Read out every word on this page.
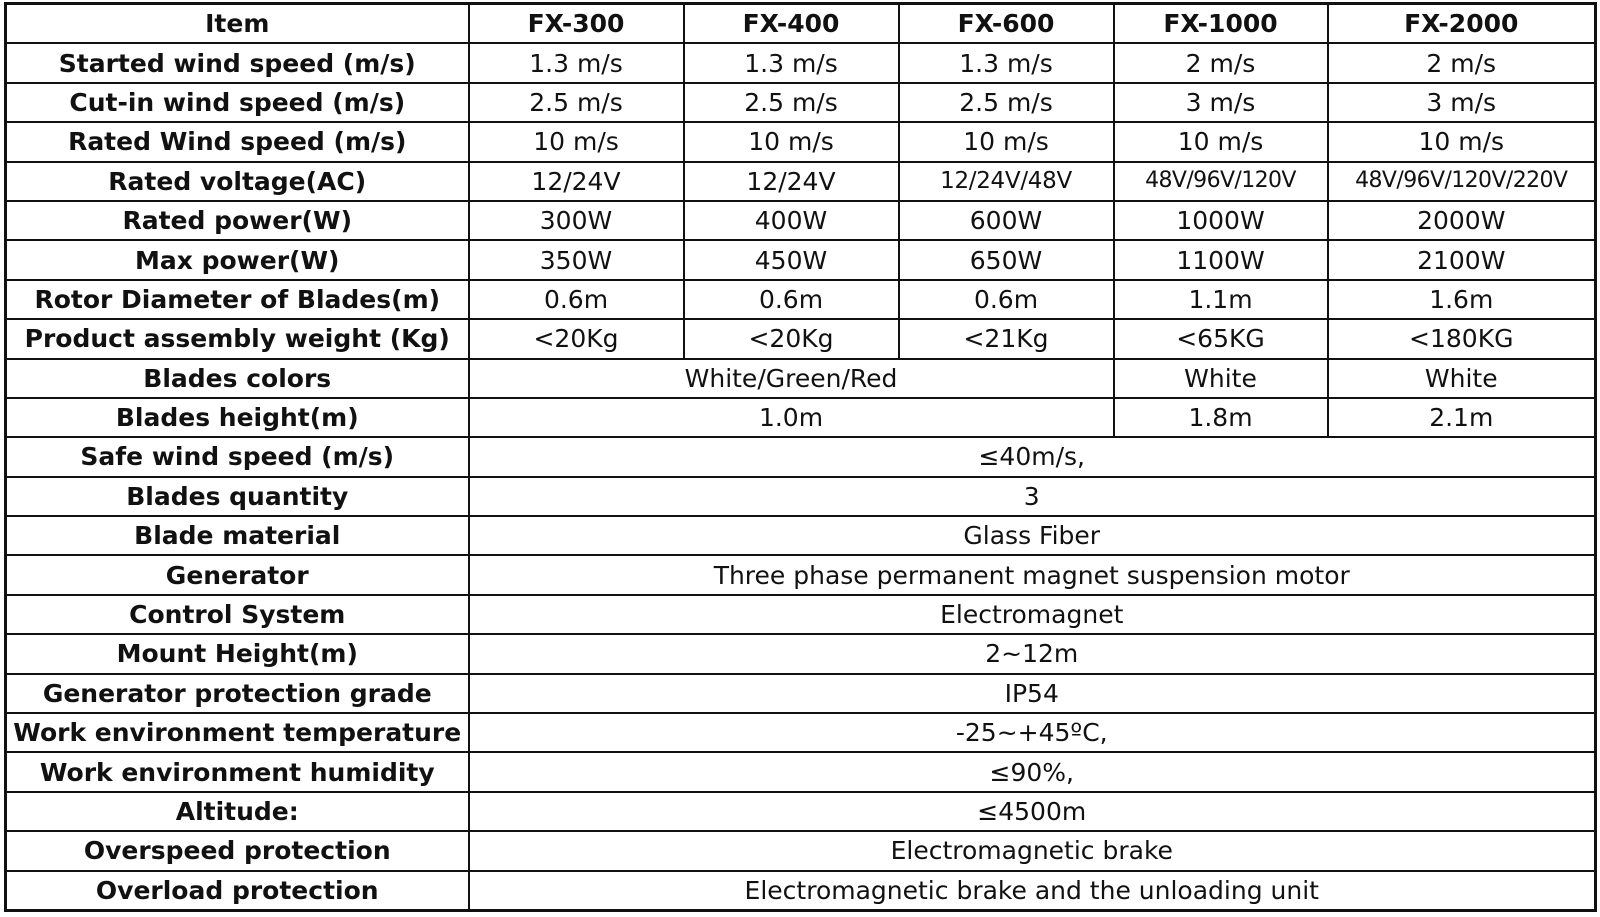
Item	FX-300	FX-400	FX-600	FX-1000	FX-2000
Started wind speed (m/s)	1.3 m/s	1.3 m/s	1.3 m/s	2 m/s	2 m/s
Cut-in wind speed (m/s)	2.5 m/s	2.5 m/s	2.5 m/s	3 m/s	3 m/s
Rated Wind speed (m/s)	10 m/s	10 m/s	10 m/s	10 m/s	10 m/s
Rated voltage(AC)	12/24V	12/24V	12/24V/48V	48V/96V/120V	48V/96V/120V/220V
Rated power(W)	300W	400W	600W	1000W	2000W
Max power(W)	350W	450W	650W	1100W	2100W
Rotor Diameter of Blades(m)	0.6m	0.6m	0.6m	1.1m	1.6m
Product assembly weight (Kg)	<20Kg	<20Kg	<21Kg	<65KG	<180KG
Blades colors	White/Green/Red			White	White
Blades height(m)	1.0m			1.8m	2.1m
Safe wind speed (m/s)	≤40m/s,				
Blades quantity	3				
Blade material	Glass Fiber				
Generator	Three phase permanent magnet suspension motor				
Control System	Electromagnet				
Mount Height(m)	2~12m				
Generator protection grade	IP54				
Work environment temperature	-25~+45ºC,				
Work environment humidity	≤90%,				
Altitude:	≤4500m				
Overspeed protection	Electromagnetic brake				
Overload protection	Electromagnetic brake and the unloading unit				
